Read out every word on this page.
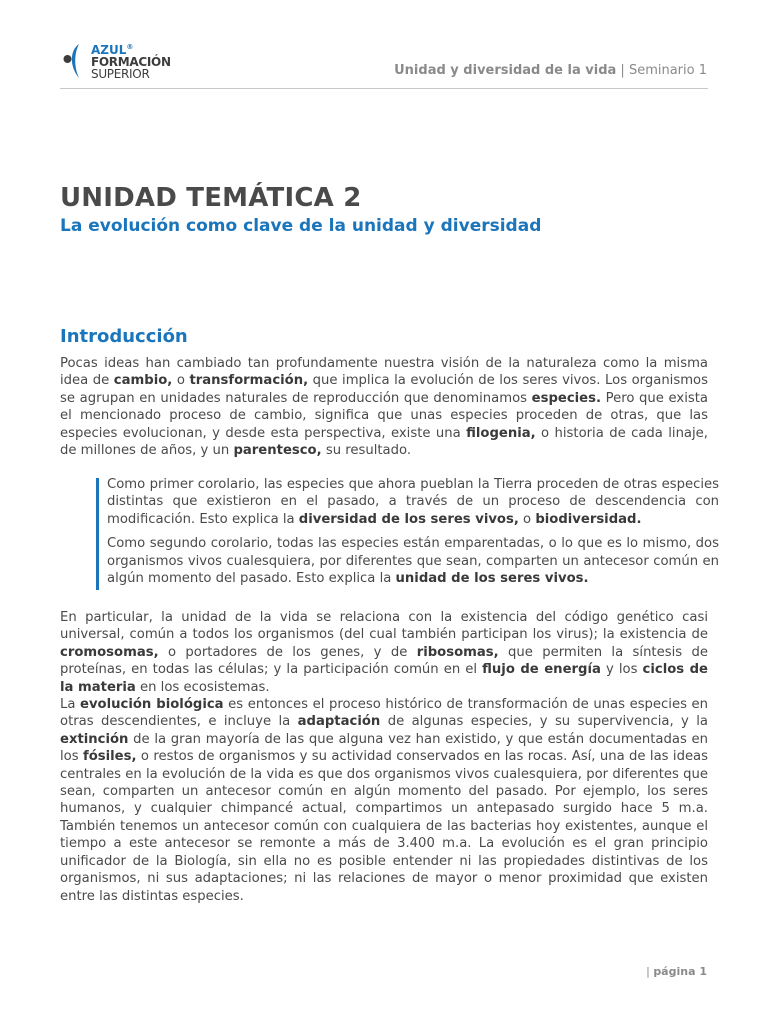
AZUL®
FORMACIÓN
SUPERIOR	Unidad y diversidad de la vida | Seminario 1
UNIDAD TEMÁTICA 2
La evolución como clave de la unidad y diversidad
Introducción

Pocas ideas han cambiado tan profundamente nuestra visión de la naturaleza como la misma idea de cambio, o transformación, que implica la evolución de los seres vivos. Los organismos se agrupan en unidades naturales de reproducción que denominamos especies. Pero que exista el mencionado proceso de cambio, significa que unas especies proceden de otras, que las especies evolucionan, y desde esta perspectiva, existe una filogenia, o historia de cada linaje, de millones de años, y un parentesco, su resultado.

Como primer corolario, las especies que ahora pueblan la Tierra proceden de otras especies distintas que existieron en el pasado, a través de un proceso de descendencia con modificación. Esto explica la diversidad de los seres vivos, o biodiversidad.

Como segundo corolario, todas las especies están emparentadas, o lo que es lo mismo, dos organismos vivos cualesquiera, por diferentes que sean, comparten un antecesor común en algún momento del pasado. Esto explica la unidad de los seres vivos.

En particular, la unidad de la vida se relaciona con la existencia del código genético casi universal, común a todos los organismos (del cual también participan los virus); la existencia de cromosomas, o portadores de los genes, y de ribosomas, que permiten la síntesis de proteínas, en todas las células; y la participación común en el flujo de energía y los ciclos de la materia en los ecosistemas.

La evolución biológica es entonces el proceso histórico de transformación de unas especies en otras descendientes, e incluye la adaptación de algunas especies, y su supervivencia, y la extinción de la gran mayoría de las que alguna vez han existido, y que están documentadas en los fósiles, o restos de organismos y su actividad conservados en las rocas. Así, una de las ideas centrales en la evolución de la vida es que dos organismos vivos cualesquiera, por diferentes que sean, comparten un antecesor común en algún momento del pasado. Por ejemplo, los seres humanos, y cualquier chimpancé actual, compartimos un antepasado surgido hace 5 m.a. También tenemos un antecesor común con cualquiera de las bacterias hoy existentes, aunque el tiempo a este antecesor se remonte a más de 3.400 m.a. La evolución es el gran principio unificador de la Biología, sin ella no es posible entender ni las propiedades distintivas de los organismos, ni sus adaptaciones; ni las relaciones de mayor o menor proximidad que existen entre las distintas especies.

| página 1
